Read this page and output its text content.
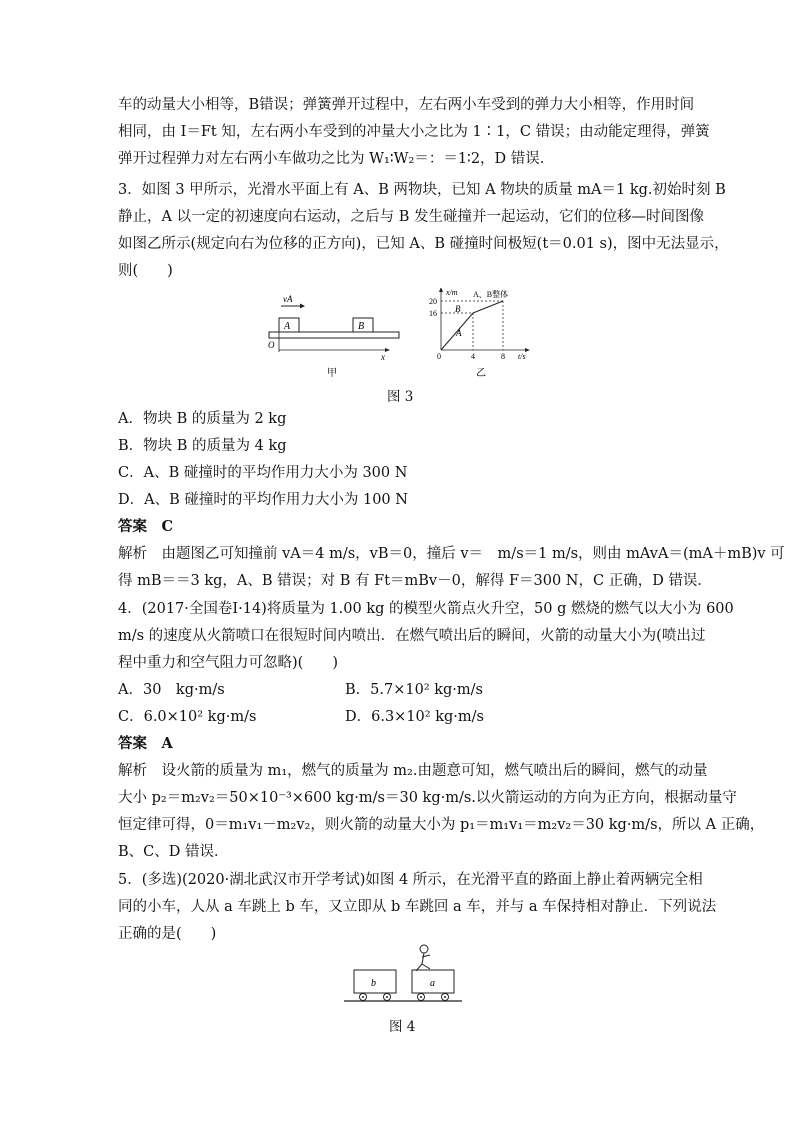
车的动量大小相等，B错误；弹簧弹开过程中，左右两小车受到的弹力大小相等，作用时间
相同，由 I＝Ft 知，左右两小车受到的冲量大小之比为 1∶1，C 错误；由动能定理得，弹簧
弹开过程弹力对左右两小车做功之比为 W₁∶W₂＝：＝1∶2，D 错误．
3．如图 3 甲所示，光滑水平面上有 A、B 两物块，已知 A 物块的质量 mA＝1 kg.初始时刻 B
静止，A 以一定的初速度向右运动，之后与 B 发生碰撞并一起运动，它们的位移—时间图像
如图乙所示(规定向右为位移的正方向)，已知 A、B 碰撞时间极短(t＝0.01 s)，图中无法显示，
则(　　)
vA
A	B
O
x
甲
x/m
t/s
0
16
20
4	8
A
B
A、B整体
乙
图 3
A．物块 B 的质量为 2 kg
B．物块 B 的质量为 4 kg
C．A、B 碰撞时的平均作用力大小为 300 N
D．A、B 碰撞时的平均作用力大小为 100 N
答案　C
解析　由题图乙可知撞前 vA＝4 m/s，vB＝0，撞后 v＝　m/s＝1 m/s，则由 mAvA＝(mA＋mB)v 可
得 mB＝＝3 kg，A、B 错误；对 B 有 Ft＝mBv－0，解得 F＝300 N，C 正确，D 错误．
4．(2017·全国卷Ⅰ·14)将质量为 1.00 kg 的模型火箭点火升空，50 g 燃烧的燃气以大小为 600
m/s 的速度从火箭喷口在很短时间内喷出．在燃气喷出后的瞬间，火箭的动量大小为(喷出过
程中重力和空气阻力可忽略)(　　)
A．30　kg·m/s	B．5.7×10² kg·m/s
C．6.0×10² kg·m/s	D．6.3×10² kg·m/s
答案　A
解析　设火箭的质量为 m₁，燃气的质量为 m₂.由题意可知，燃气喷出后的瞬间，燃气的动量
大小 p₂＝m₂v₂＝50×10⁻³×600 kg·m/s＝30 kg·m/s.以火箭运动的方向为正方向，根据动量守
恒定律可得，0＝m₁v₁－m₂v₂，则火箭的动量大小为 p₁＝m₁v₁＝m₂v₂＝30 kg·m/s，所以 A 正确，
B、C、D 错误．
5．(多选)(2020·湖北武汉市开学考试)如图 4 所示，在光滑平直的路面上静止着两辆完全相
同的小车，人从 a 车跳上 b 车，又立即从 b 车跳回 a 车，并与 a 车保持相对静止．下列说法
正确的是(　　)
b	a
图 4
